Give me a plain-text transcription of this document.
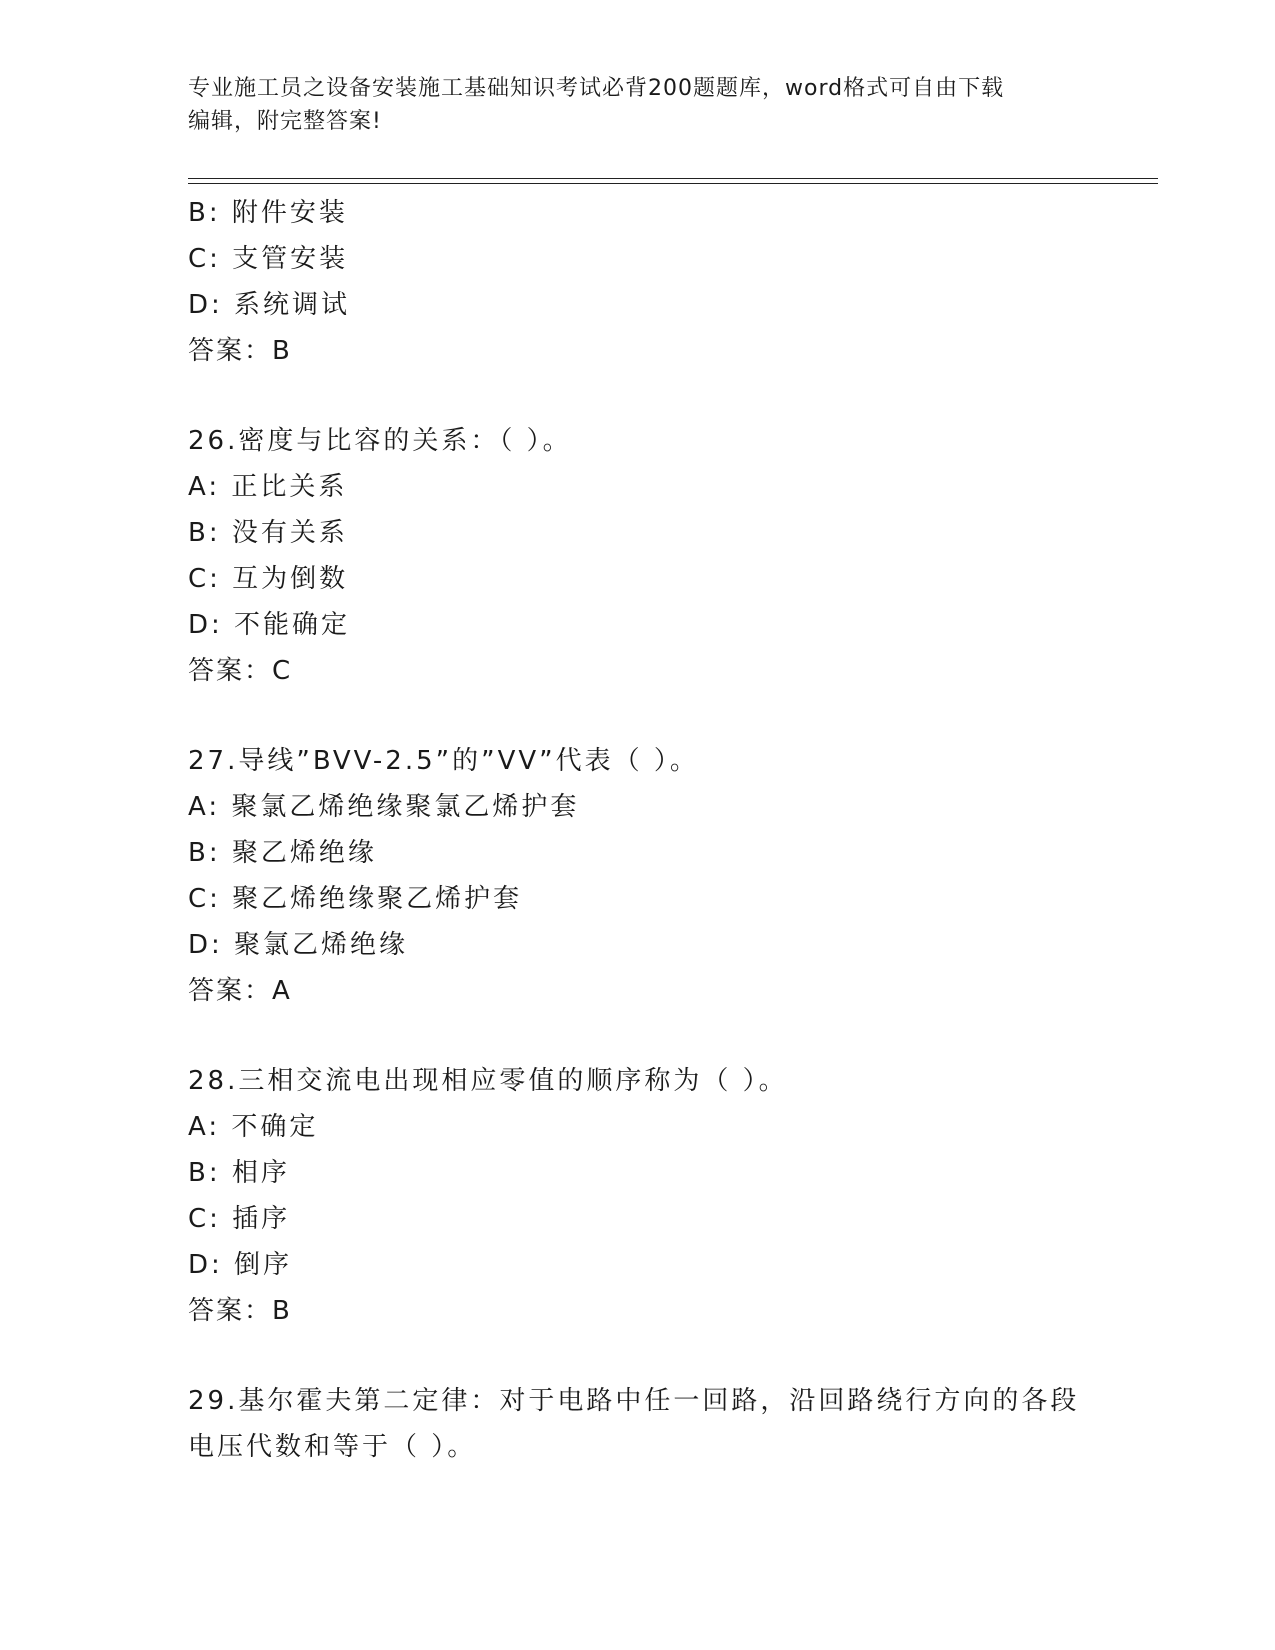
专业施工员之设备安装施工基础知识考试必背200题题库，word格式可自由下载
编辑，附完整答案!
B: 附件安装
C: 支管安装
D: 系统调试
答案：B
26.密度与比容的关系：（ ）。
A: 正比关系
B: 没有关系
C: 互为倒数
D: 不能确定
答案：C
27.导线”BVV-2.5”的”VV”代表（ ）。
A: 聚氯乙烯绝缘聚氯乙烯护套
B: 聚乙烯绝缘
C: 聚乙烯绝缘聚乙烯护套
D: 聚氯乙烯绝缘
答案：A
28.三相交流电出现相应零值的顺序称为（ ）。
A: 不确定
B: 相序
C: 插序
D: 倒序
答案：B
29.基尔霍夫第二定律：对于电路中任一回路，沿回路绕行方向的各段
电压代数和等于（ ）。
